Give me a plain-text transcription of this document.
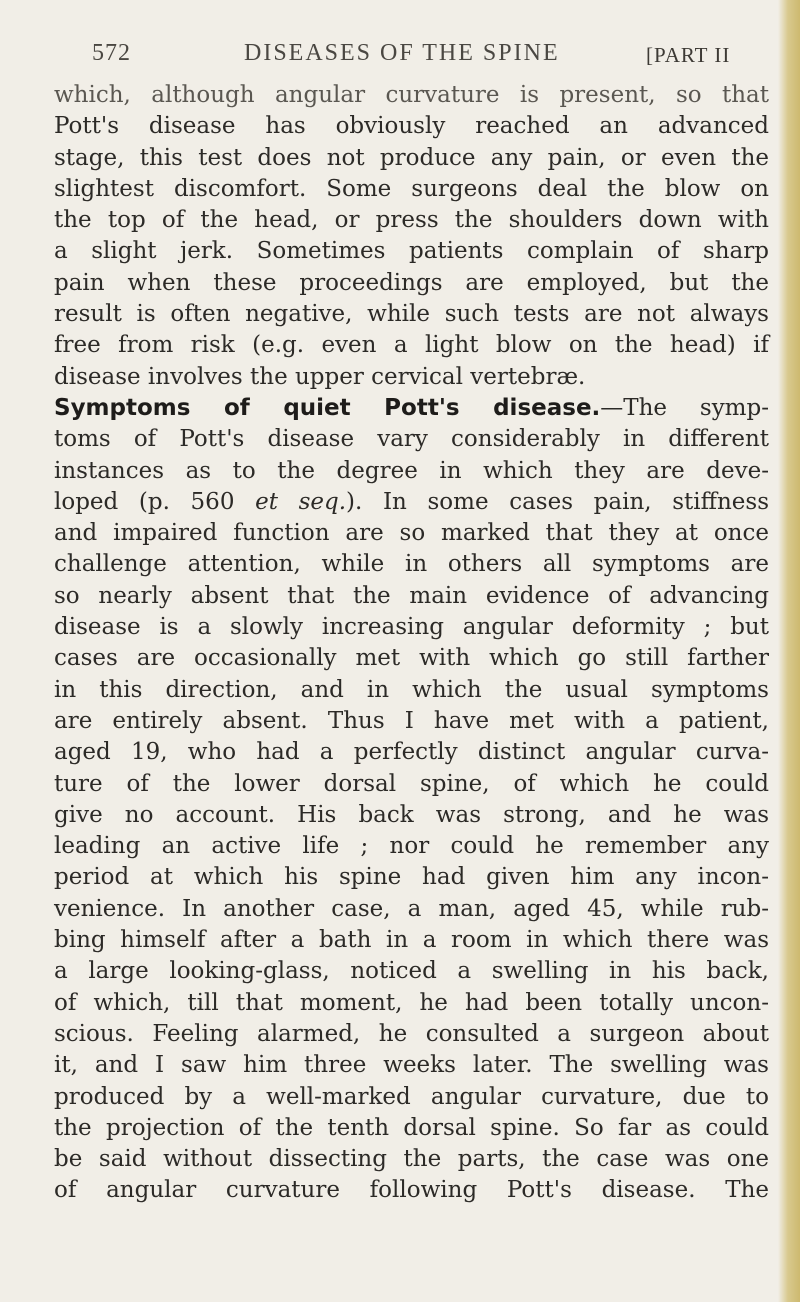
572	DISEASES OF THE SPINE	[PART II
which, although angular curvature is present, so that
Pott's disease has obviously reached an advanced
stage, this test does not produce any pain, or even the
slightest discomfort. Some surgeons deal the blow on
the top of the head, or press the shoulders down with
a slight jerk. Sometimes patients complain of sharp
pain when these proceedings are employed, but the
result is often negative, while such tests are not always
free from risk (e.g. even a light blow on the head) if
disease involves the upper cervical vertebræ.
Symptoms of quiet Pott's disease.—The symp-
toms of Pott's disease vary considerably in different
instances as to the degree in which they are deve-
loped (p. 560 et seq.). In some cases pain, stiffness
and impaired function are so marked that they at once
challenge attention, while in others all symptoms are
so nearly absent that the main evidence of advancing
disease is a slowly increasing angular deformity ; but
cases are occasionally met with which go still farther
in this direction, and in which the usual symptoms
are entirely absent. Thus I have met with a patient,
aged 19, who had a perfectly distinct angular curva-
ture of the lower dorsal spine, of which he could
give no account. His back was strong, and he was
leading an active life ; nor could he remember any
period at which his spine had given him any incon-
venience. In another case, a man, aged 45, while rub-
bing himself after a bath in a room in which there was
a large looking-glass, noticed a swelling in his back,
of which, till that moment, he had been totally uncon-
scious. Feeling alarmed, he consulted a surgeon about
it, and I saw him three weeks later. The swelling was
produced by a well-marked angular curvature, due to
the projection of the tenth dorsal spine. So far as could
be said without dissecting the parts, the case was one
of angular curvature following Pott's disease. The
